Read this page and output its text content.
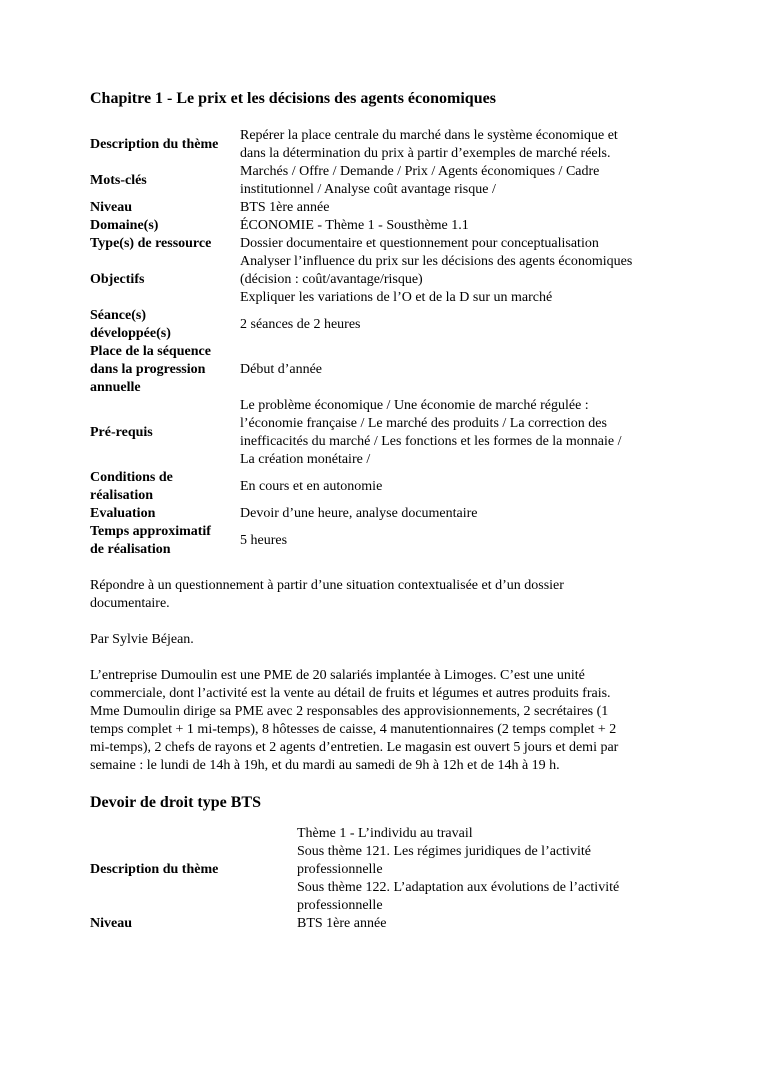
Chapitre 1 - Le prix et les décisions des agents économiques
Description du thème	Repérer la place centrale du marché dans le système économique et
dans la détermination du prix à partir d’exemples de marché réels.

Mots-clés	Marchés / Offre / Demande / Prix / Agents économiques / Cadre
institutionnel / Analyse coût avantage risque /

Niveau	BTS 1ère année

Domaine(s)	ÉCONOMIE - Thème 1 - Sousthème 1.1

Type(s) de ressource	Dossier documentaire et questionnement pour conceptualisation

Objectifs	Analyser l’influence du prix sur les décisions des agents économiques
(décision : coût/avantage/risque)
Expliquer les variations de l’O et de la D sur un marché

Séance(s)
développée(s)	2 séances de 2 heures

Place de la séquence
dans la progression
annuelle	Début d’année

Pré-requis	Le problème économique / Une économie de marché régulée :
l’économie française / Le marché des produits / La correction des
inefficacités du marché / Les fonctions et les formes de la monnaie /
La création monétaire /

Conditions de
réalisation	En cours et en autonomie

Evaluation	Devoir d’une heure, analyse documentaire

Temps approximatif
de réalisation	5 heures
Répondre à un questionnement à partir d’une situation contextualisée et d’un dossier
documentaire.
Par Sylvie Béjean.
L’entreprise Dumoulin est une PME de 20 salariés implantée à Limoges. C’est une unité
commerciale, dont l’activité est la vente au détail de fruits et légumes et autres produits frais.
Mme Dumoulin dirige sa PME avec 2 responsables des approvisionnements, 2 secrétaires (1
temps complet + 1 mi-temps), 8 hôtesses de caisse, 4 manutentionnaires (2 temps complet + 2
mi-temps), 2 chefs de rayons et 2 agents d’entretien. Le magasin est ouvert 5 jours et demi par
semaine : le lundi de 14h à 19h, et du mardi au samedi de 9h à 12h et de 14h à 19 h.
Devoir de droit type BTS
Description du thème	Thème 1 - L’individu au travail
Sous thème 121. Les régimes juridiques de l’activité
professionnelle
Sous thème 122. L’adaptation aux évolutions de l’activité
professionnelle

Niveau	BTS 1ère année
